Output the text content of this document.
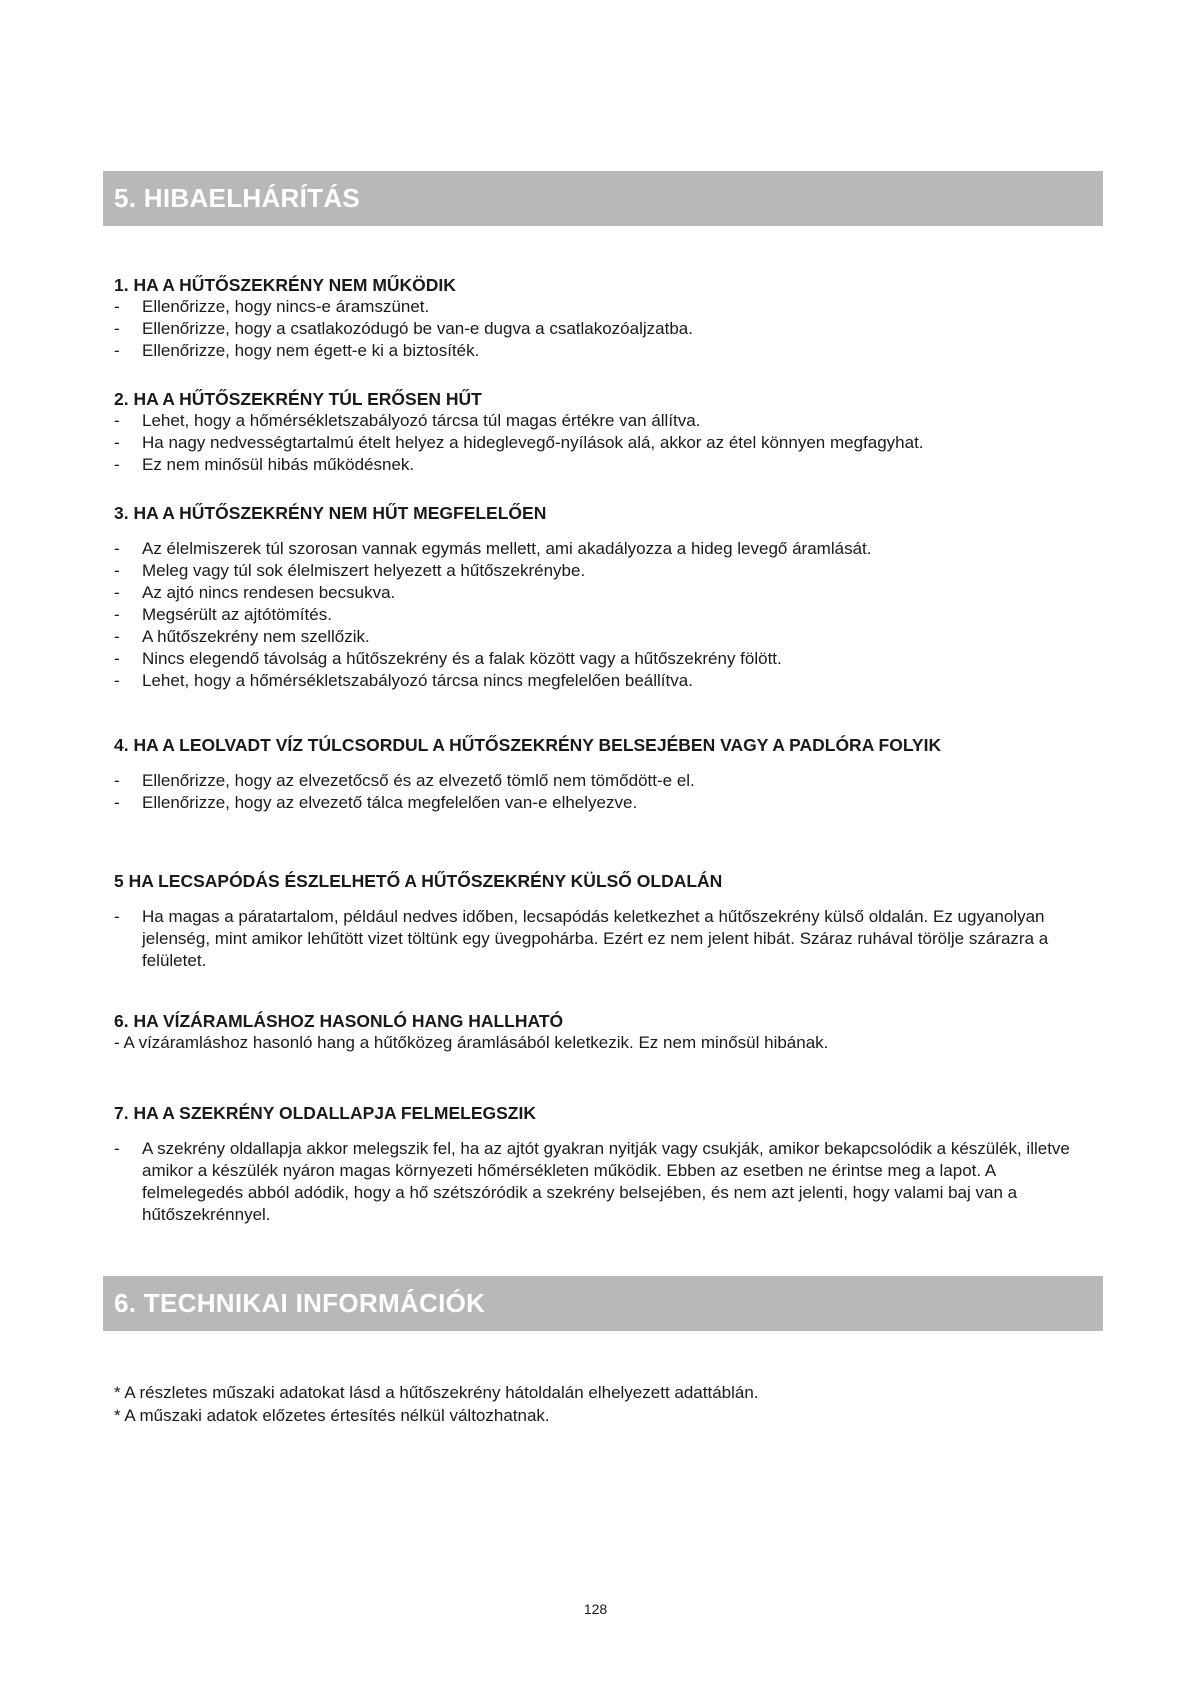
5. HIBAELHÁRÍTÁS
1. HA A HŰTŐSZEKRÉNY NEM MŰKÖDIK
- Ellenőrizze, hogy nincs-e áramszünet.
- Ellenőrizze, hogy a csatlakozódugó be van-e dugva a csatlakozóaljzatba.
- Ellenőrizze, hogy nem égett-e ki a biztosíték.
2. HA A HŰTŐSZEKRÉNY TÚL ERŐSEN HŰT
- Lehet, hogy a hőmérsékletszabályozó tárcsa túl magas értékre van állítva.
- Ha nagy nedvességtartalmú ételt helyez a hideglevegő-nyílások alá, akkor az étel könnyen megfagyhat.
- Ez nem minősül hibás működésnek.
3. HA A HŰTŐSZEKRÉNY NEM HŰT MEGFELELŐEN
- Az élelmiszerek túl szorosan vannak egymás mellett, ami akadályozza a hideg levegő áramlását.
- Meleg vagy túl sok élelmiszert helyezett a hűtőszekrénybe.
- Az ajtó nincs rendesen becsukva.
- Megsérült az ajtótömítés.
- A hűtőszekrény nem szellőzik.
- Nincs elegendő távolság a hűtőszekrény és a falak között vagy a hűtőszekrény fölött.
- Lehet, hogy a hőmérsékletszabályozó tárcsa nincs megfelelően beállítva.
4. HA A LEOLVADT VÍZ TÚLCSORDUL A HŰTŐSZEKRÉNY BELSEJÉBEN VAGY A PADLÓRA FOLYIK
- Ellenőrizze, hogy az elvezetőcső és az elvezető tömlő nem tömődött-e el.
- Ellenőrizze, hogy az elvezető tálca megfelelően van-e elhelyezve.
5 HA LECSAPÓDÁS ÉSZLELHETŐ A HŰTŐSZEKRÉNY KÜLSŐ OLDALÁN
- Ha magas a páratartalom, például nedves időben, lecsapódás keletkezhet a hűtőszekrény külső oldalán. Ez ugyanolyan jelenség, mint amikor lehűtött vizet töltünk egy üvegpohárba. Ezért ez nem jelent hibát. Száraz ruhával törölje szárazra a felületet.
6. HA VÍZÁRAMLÁSHOZ HASONLÓ HANG HALLHATÓ

- A vízáramláshoz hasonló hang a hűtőközeg áramlásából keletkezik. Ez nem minősül hibának.

7. HA A SZEKRÉNY OLDALLAPJA FELMELEGSZIK
- A szekrény oldallapja akkor melegszik fel, ha az ajtót gyakran nyitják vagy csukják, amikor bekapcsolódik a készülék, illetve amikor a készülék nyáron magas környezeti hőmérsékleten működik. Ebben az esetben ne érintse meg a lapot. A felmelegedés abból adódik, hogy a hő szétszóródik a szekrény belsejében, és nem azt jelenti, hogy valami baj van a hűtőszekrénnyel.
6. TECHNIKAI INFORMÁCIÓK

* A részletes műszaki adatokat lásd a hűtőszekrény hátoldalán elhelyezett adattáblán.

* A műszaki adatok előzetes értesítés nélkül változhatnak.

128
